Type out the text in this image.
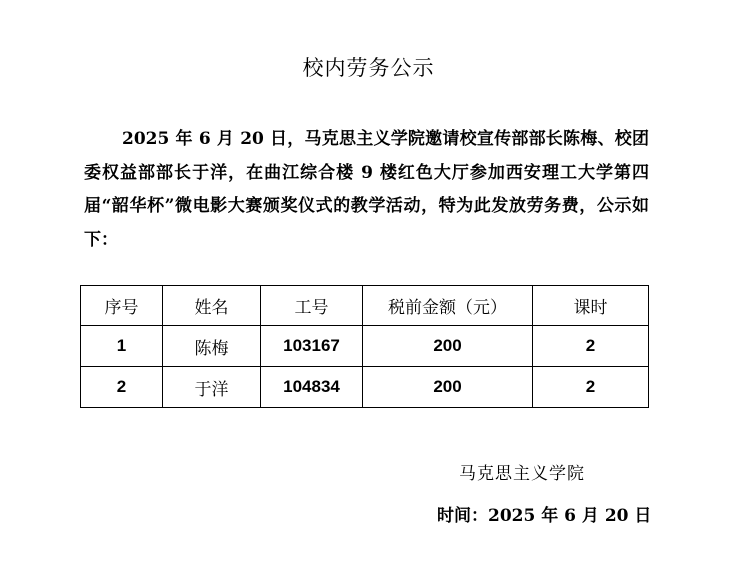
校内劳务公示

2025 年 6 月 20 日，马克思主义学院邀请校宣传部部长陈梅、校团委权益部部长于洋，在曲江综合楼 9 楼红色大厅参加西安理工大学第四届“韶华杯”微电影大赛颁奖仪式的教学活动，特为此发放劳务费，公示如下：

序号	姓名	工号	税前金额（元）	课时
1	陈梅	103167	200	2
2	于洋	104834	200	2
马克思主义学院
时间：2025 年 6 月 20 日
